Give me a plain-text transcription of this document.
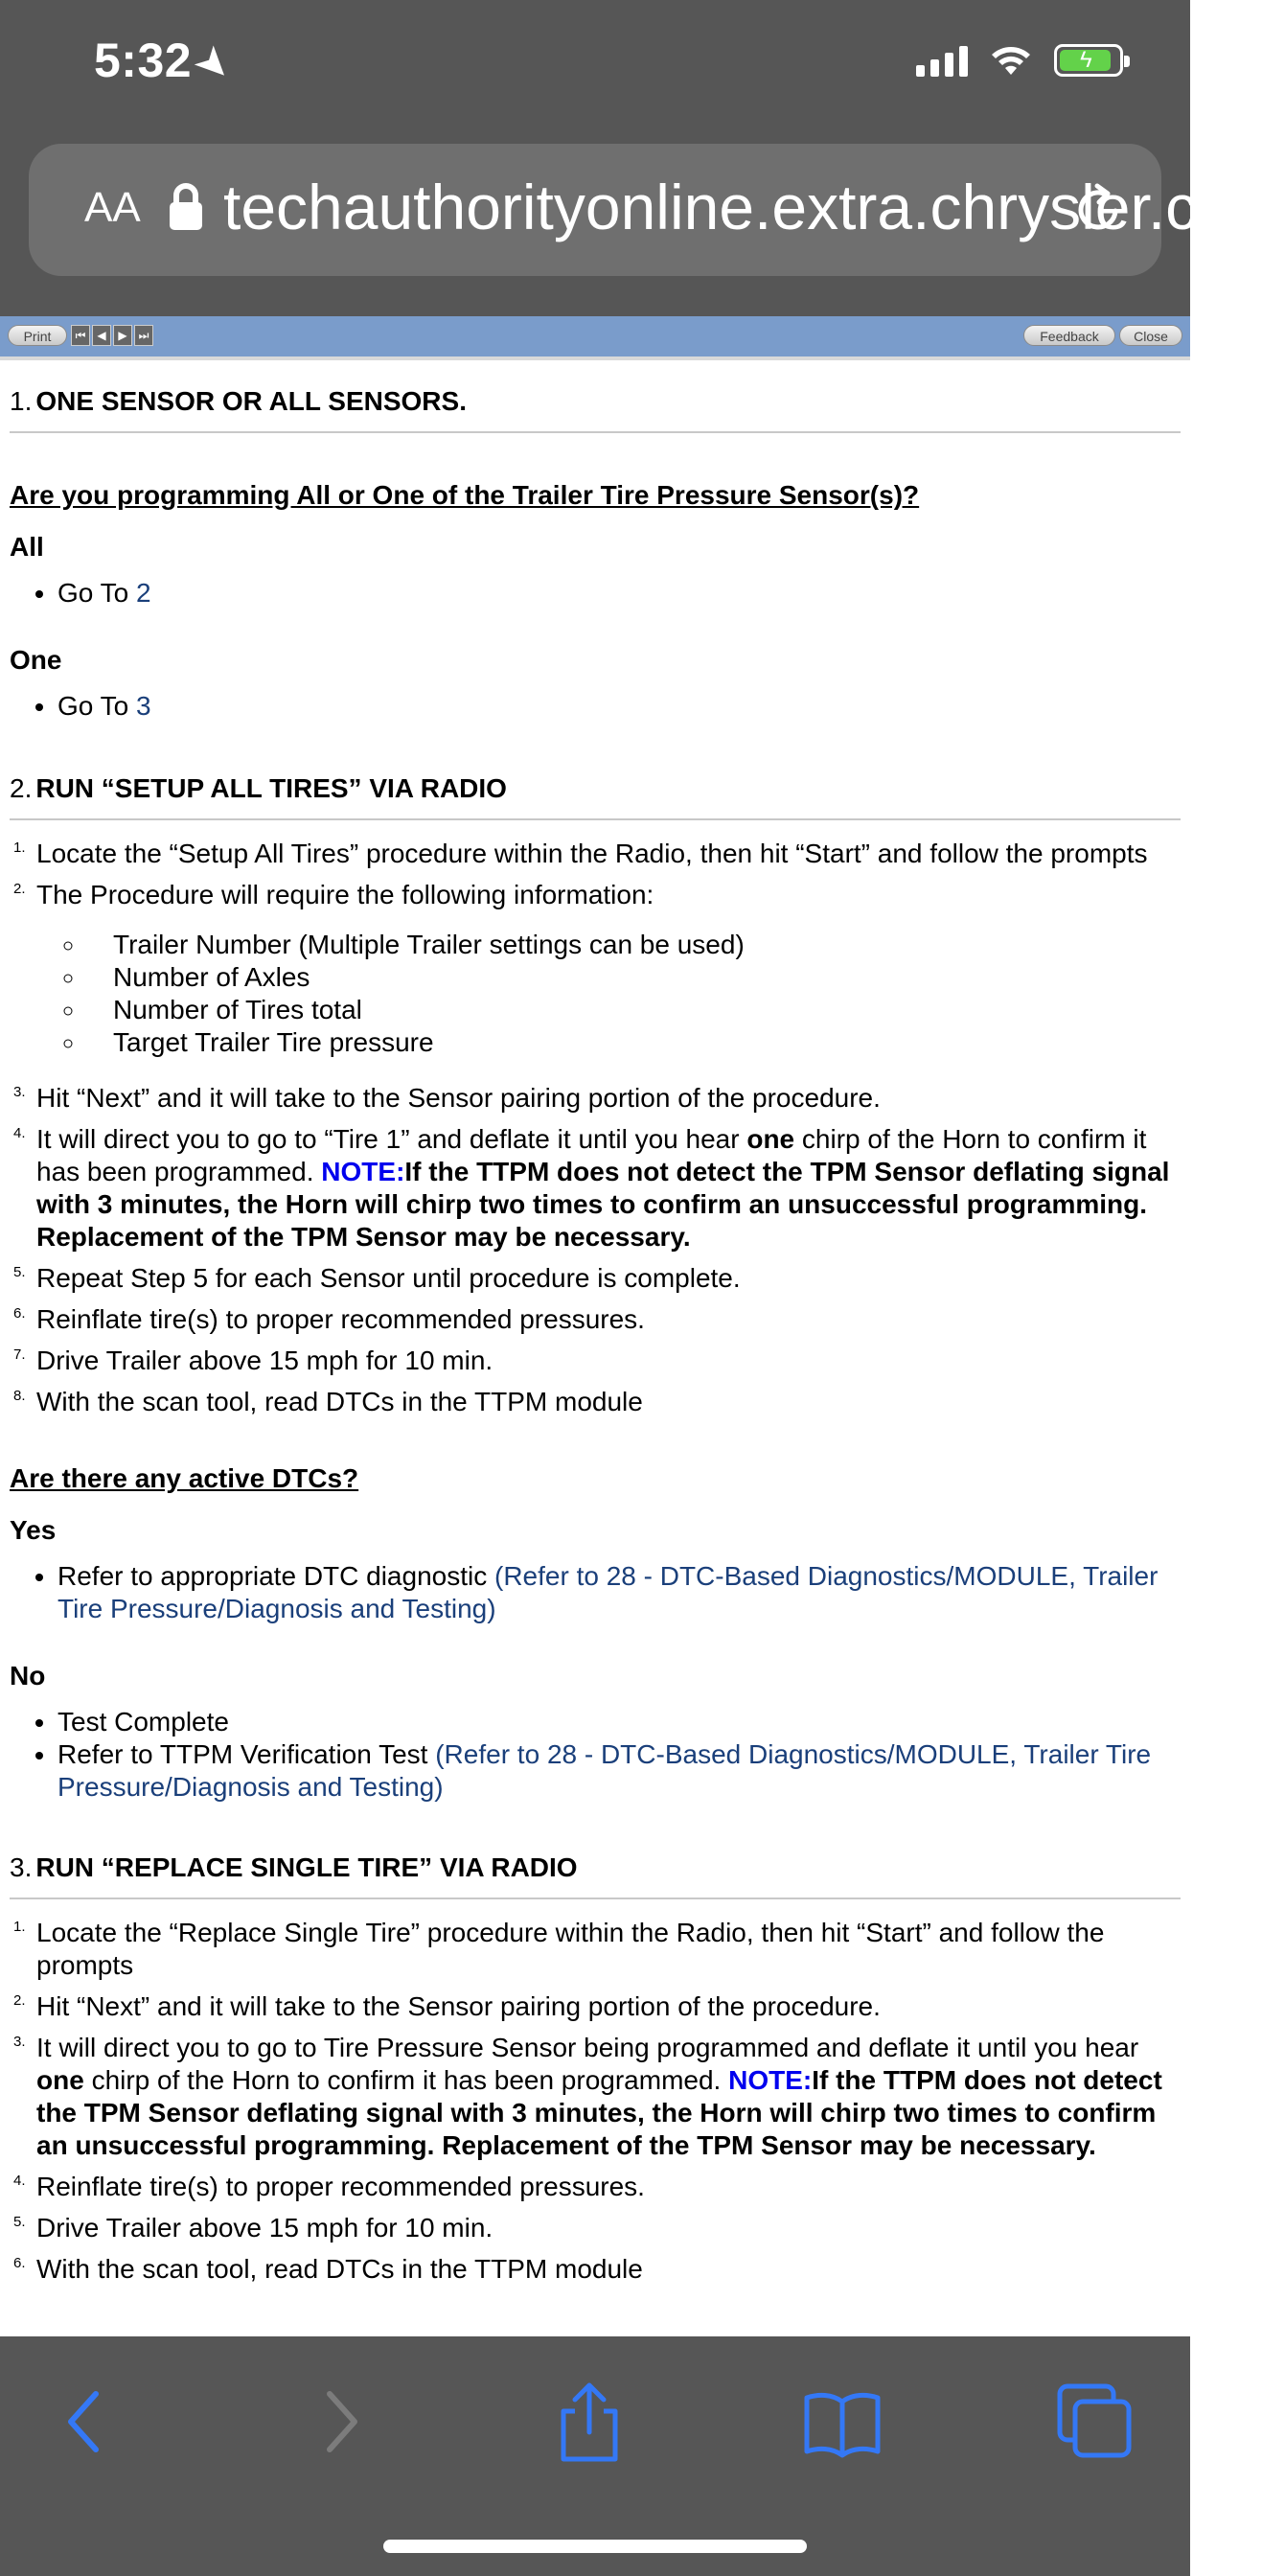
5:32➤	ϟ
AA techauthorityonline.extra.chrysler.com
Print	⏮ ◀	▶ ⏭	Feedback	Close
1. ONE SENSOR OR ALL SENSORS.
Are you programming All or One of the Trailer Tire Pressure Sensor(s)?
All
• Go To 2
One
• Go To 3
2. RUN “SETUP ALL TIRES” VIA RADIO
1. Locate the “Setup All Tires” procedure within the Radio, then hit “Start” and follow the prompts
2. The Procedure will require the following information:
◦ Trailer Number (Multiple Trailer settings can be used)
◦ Number of Axles
◦ Number of Tires total
◦ Target Trailer Tire pressure
3. Hit “Next” and it will take to the Sensor pairing portion of the procedure.
4. It will direct you to go to “Tire 1” and deflate it until you hear one chirp of the Horn to confirm it has been programmed. NOTE:If the TTPM does not detect the TPM Sensor deflating signal with 3 minutes, the Horn will chirp two times to confirm an unsuccessful programming. Replacement of the TPM Sensor may be necessary.
5. Repeat Step 5 for each Sensor until procedure is complete.
6. Reinflate tire(s) to proper recommended pressures.
7. Drive Trailer above 15 mph for 10 min.
8. With the scan tool, read DTCs in the TTPM module
Are there any active DTCs?
Yes
• Refer to appropriate DTC diagnostic (Refer to 28 - DTC-Based Diagnostics/MODULE, Trailer Tire Pressure/Diagnosis and Testing)
No
• Test Complete
• Refer to TTPM Verification Test (Refer to 28 - DTC-Based Diagnostics/MODULE, Trailer Tire Pressure/Diagnosis and Testing)
3. RUN “REPLACE SINGLE TIRE” VIA RADIO
1. Locate the “Replace Single Tire” procedure within the Radio, then hit “Start” and follow the prompts
2. Hit “Next” and it will take to the Sensor pairing portion of the procedure.
3. It will direct you to go to Tire Pressure Sensor being programmed and deflate it until you hear one chirp of the Horn to confirm it has been programmed. NOTE:If the TTPM does not detect the TPM Sensor deflating signal with 3 minutes, the Horn will chirp two times to confirm an unsuccessful programming. Replacement of the TPM Sensor may be necessary.
4. Reinflate tire(s) to proper recommended pressures.
5. Drive Trailer above 15 mph for 10 min.
6. With the scan tool, read DTCs in the TTPM module
